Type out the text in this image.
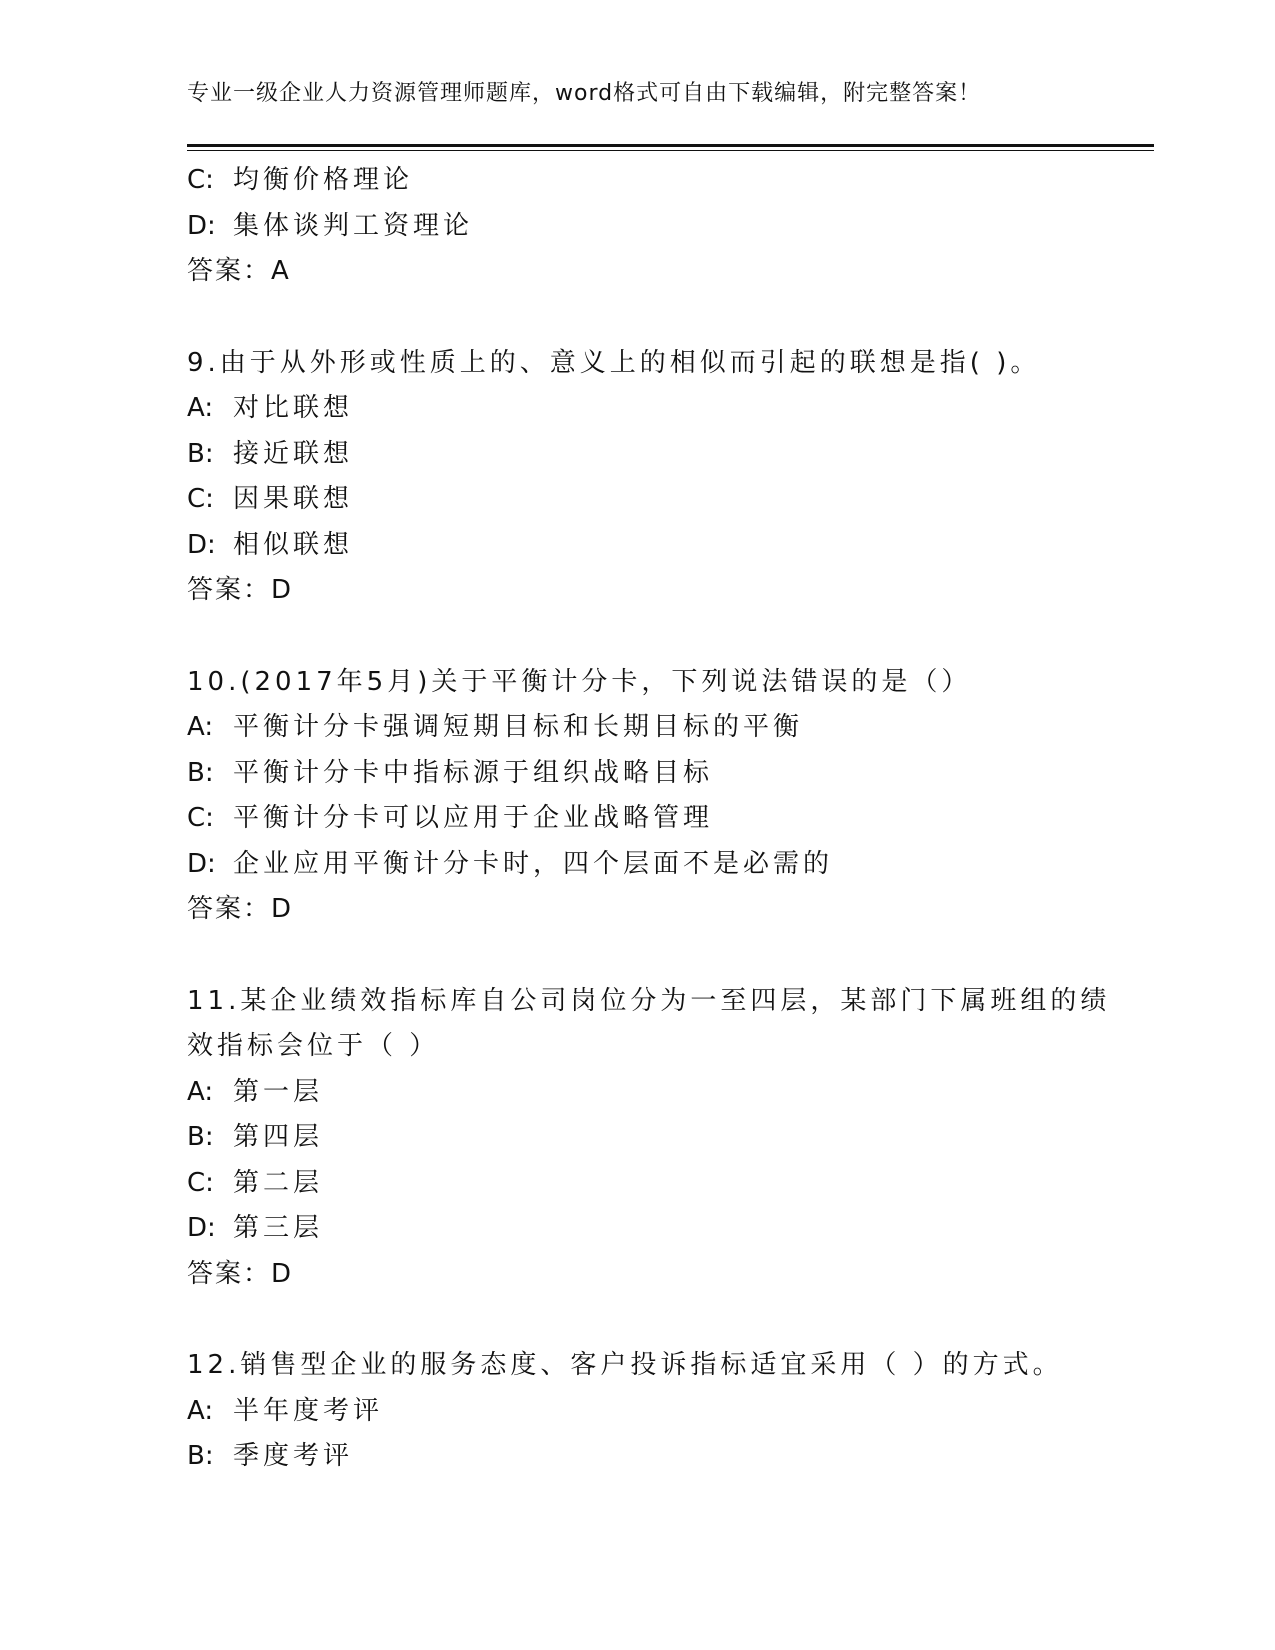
专业一级企业人力资源管理师题库，word格式可自由下载编辑，附完整答案！
C: 均衡价格理论
D: 集体谈判工资理论
答案：A
9.由于从外形或性质上的、意义上的相似而引起的联想是指( )。
A: 对比联想
B: 接近联想
C: 因果联想
D: 相似联想
答案：D
10.(2017年5月)关于平衡计分卡，下列说法错误的是（）
A: 平衡计分卡强调短期目标和长期目标的平衡
B: 平衡计分卡中指标源于组织战略目标
C: 平衡计分卡可以应用于企业战略管理
D: 企业应用平衡计分卡时，四个层面不是必需的
答案：D
11.某企业绩效指标库自公司岗位分为一至四层，某部门下属班组的绩
效指标会位于（ ）
A: 第一层
B: 第四层
C: 第二层
D: 第三层
答案：D
12.销售型企业的服务态度、客户投诉指标适宜采用（ ）的方式。
A: 半年度考评
B: 季度考评
